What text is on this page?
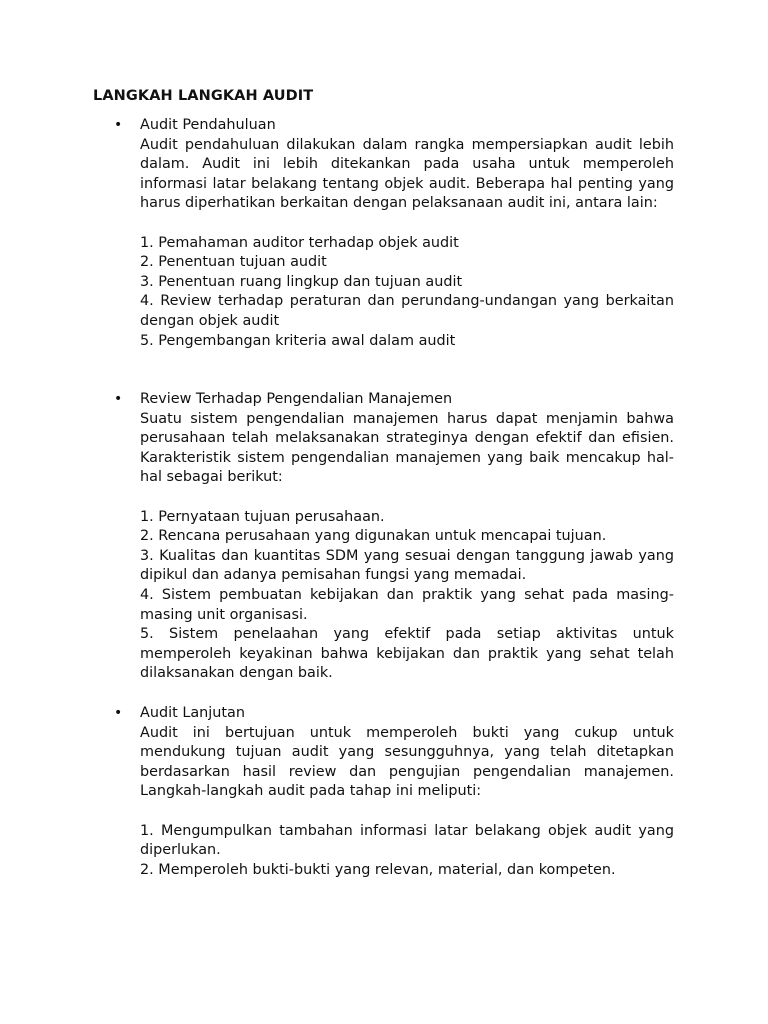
LANGKAH LANGKAH AUDIT
• Audit Pendahuluan

Audit pendahuluan dilakukan dalam rangka mempersiapkan audit lebih dalam. Audit ini lebih ditekankan pada usaha untuk memperoleh informasi latar belakang tentang objek audit. Beberapa hal penting yang harus diperhatikan berkaitan dengan pelaksanaan audit ini, antara lain:

1. Pemahaman auditor terhadap objek audit
2. Penentuan tujuan audit
3. Penentuan ruang lingkup dan tujuan audit
4. Review terhadap peraturan dan perundang-undangan yang berkaitan dengan objek audit
5. Pengembangan kriteria awal dalam audit
• Review Terhadap Pengendalian Manajemen

Suatu sistem pengendalian manajemen harus dapat menjamin bahwa perusahaan telah melaksanakan strateginya dengan efektif dan efisien. Karakteristik sistem pengendalian manajemen yang baik mencakup hal-hal sebagai berikut:

1. Pernyataan tujuan perusahaan.
2. Rencana perusahaan yang digunakan untuk mencapai tujuan.
3. Kualitas dan kuantitas SDM yang sesuai dengan tanggung jawab yang dipikul dan adanya pemisahan fungsi yang memadai.
4. Sistem pembuatan kebijakan dan praktik yang sehat pada masing-masing unit organisasi.
5. Sistem penelaahan yang efektif pada setiap aktivitas untuk memperoleh keyakinan bahwa kebijakan dan praktik yang sehat telah dilaksanakan dengan baik.
• Audit Lanjutan

Audit ini bertujuan untuk memperoleh bukti yang cukup untuk mendukung tujuan audit yang sesungguhnya, yang telah ditetapkan berdasarkan hasil review dan pengujian pengendalian manajemen. Langkah-langkah audit pada tahap ini meliputi:

1. Mengumpulkan tambahan informasi latar belakang objek audit yang diperlukan.
2. Memperoleh bukti-bukti yang relevan, material, dan kompeten.
